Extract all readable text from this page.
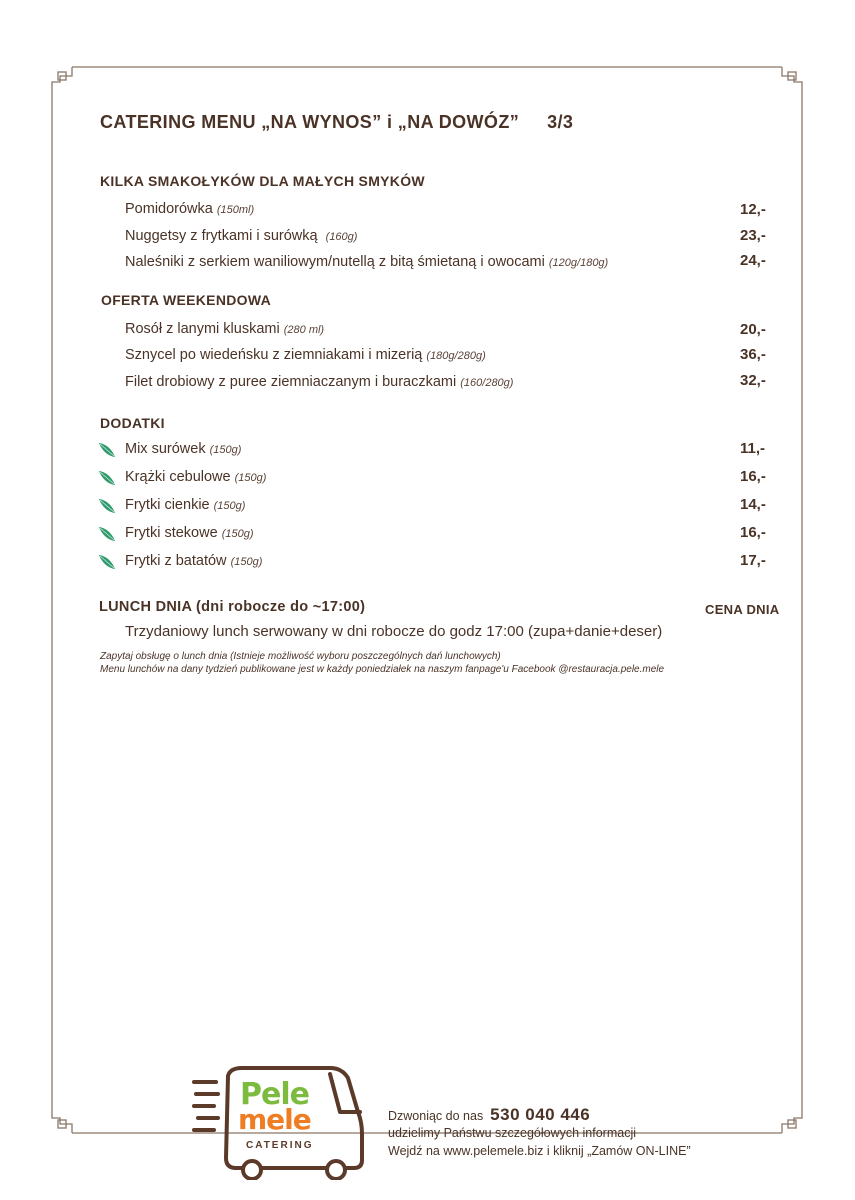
CATERING MENU „NA WYNOS” i „NA DOWÓZ” 3/3
KILKA SMAKOŁYKÓW DLA MAŁYCH SMYKÓW
Pomidorówka (150ml)	12,-
Nuggetsy z frytkami i surówką (160g)	23,-
Naleśniki z serkiem waniliowym/nutellą z bitą śmietaną i owocami (120g/180g)	24,-
OFERTA WEEKENDOWA
Rosół z lanymi kluskami (280 ml)	20,-
Sznycel po wiedeńsku z ziemniakami i mizerią (180g/280g)	36,-
Filet drobiowy z puree ziemniaczanym i buraczkami (160/280g)	32,-
DODATKI
Mix surówek (150g)	11,-
Krążki cebulowe (150g)	16,-
Frytki cienkie (150g)	14,-
Frytki stekowe (150g)	16,-
Frytki z batatów (150g)	17,-
LUNCH DNIA (dni robocze do ~17:00)	CENA DNIA
Trzydaniowy lunch serwowany w dni robocze do godz 17:00 (zupa+danie+deser)
Zapytaj obsługę o lunch dnia (Istnieje możliwość wyboru poszczególnych dań lunchowych)
Menu lunchów na dany tydzień publikowane jest w każdy poniedziałek na naszym fanpage'u Facebook @restauracja.pele.mele
Pele
mele
CATERING
Dzwoniąc do nas 530 040 446
udzielimy Państwu szczegółowych informacji
Wejdź na www.pelemele.biz i kliknij „Zamów ON-LINE”
